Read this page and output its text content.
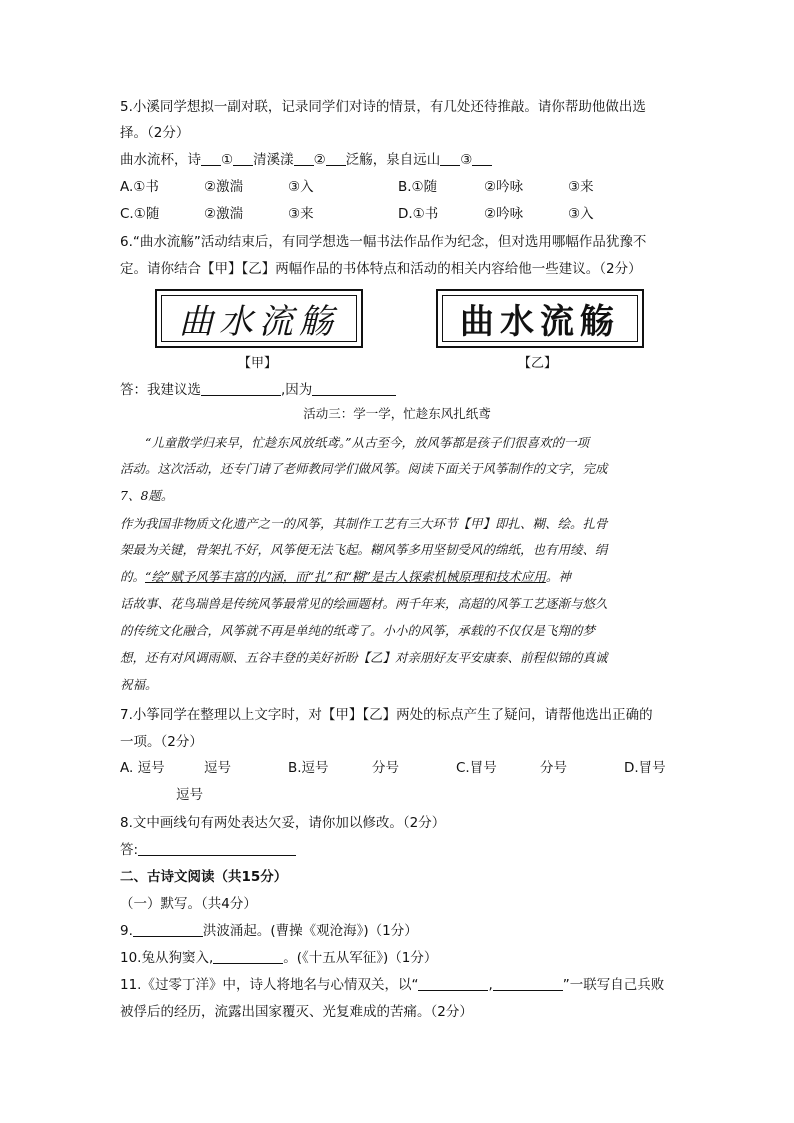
5.小溪同学想拟一副对联，记录同学们对诗的情景，有几处还待推敲。请你帮助他做出选
择。（2分）
曲水流杯，诗 ① 清溪漾 ② 泛觞，泉自远山 ③
A.①书	②激湍	③入	B.①随	②吟咏	③来
C.①随	②激湍	③来	D.①书	②吟咏	③入
6.“曲水流觞”活动结束后，有同学想选一幅书法作品作为纪念，但对选用哪幅作品犹豫不
定。请你结合【甲】【乙】两幅作品的书体特点和活动的相关内容给他一些建议。（2分）
曲水流觞
【甲】
曲水流觞
【乙】
答：我建议选	,因为
活动三：学一学，忙趁东风扎纸鸢
“儿童散学归来早，忙趁东风放纸鸢。”从古至今，放风筝都是孩子们很喜欢的一项
活动。这次活动，还专门请了老师教同学们做风筝。阅读下面关于风筝制作的文字，完成
7、8题。
作为我国非物质文化遗产之一的风筝，其制作工艺有三大环节【甲】即扎、糊、绘。扎骨
架最为关键，骨架扎不好，风筝便无法飞起。糊风筝多用坚韧受风的绵纸，也有用绫、绢
的。“绘”赋予风筝丰富的内涵，而“扎”和“糊”是古人探索机械原理和技术应用。神
话故事、花鸟瑞兽是传统风筝最常见的绘画题材。两千年来，高超的风筝工艺逐渐与悠久
的传统文化融合，风筝就不再是单纯的纸鸢了。小小的风筝，承载的不仅仅是飞翔的梦
想，还有对风调雨顺、五谷丰登的美好祈盼【乙】对亲朋好友平安康泰、前程似锦的真诚
祝福。
7.小筝同学在整理以上文字时，对【甲】【乙】两处的标点产生了疑问，请帮他选出正确的
一项。（2分）
A. 逗号	逗号	B.逗号	分号	C.冒号	分号	D.冒号
逗号
8.文中画线句有两处表达欠妥，请你加以修改。（2分）
答:
二、古诗文阅读（共15分）
（一）默写。（共4分）
9.	洪波涌起。(曹操《观沧海》)（1分）
10.兔从狗窦入,	。(《十五从军征》)（1分）
11.《过零丁洋》中，诗人将地名与心情双关，以“	,	”一联写自己兵败
被俘后的经历，流露出国家覆灭、光复难成的苦痛。（2分）
